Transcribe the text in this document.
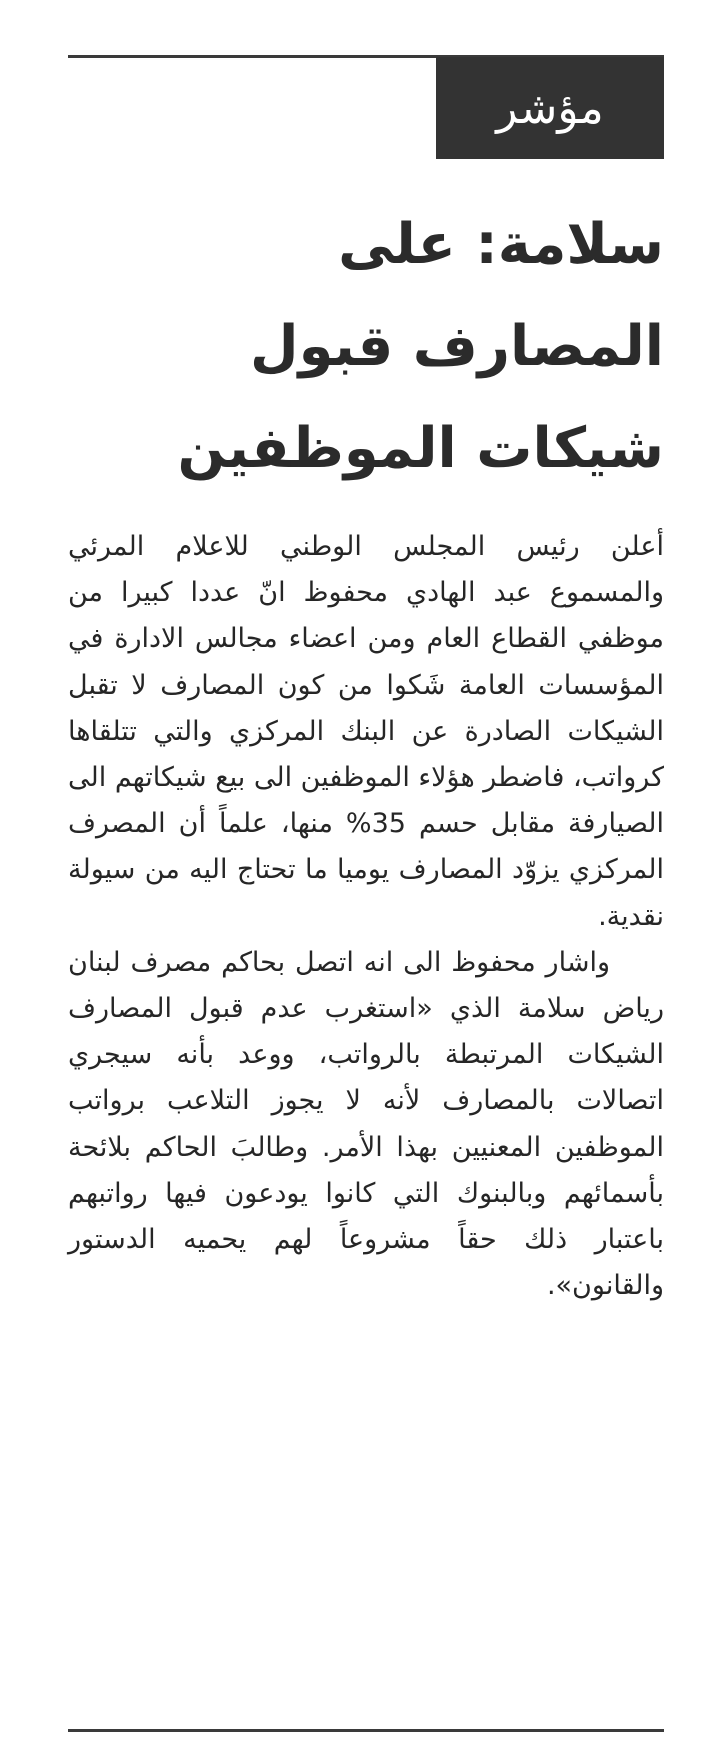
مؤشر
سلامة: على المصارف قبول شيكات الموظفين

أعلن رئيس المجلس الوطني للاعلام المرئي والمسموع عبد الهادي محفوظ انّ عددا كبيرا من موظفي القطاع العام ومن اعضاء مجالس الادارة في المؤسسات العامة شَكوا من كون المصارف لا تقبل الشيكات الصادرة عن البنك المركزي والتي تتلقاها كرواتب، فاضطر هؤلاء الموظفين الى بيع شيكاتهم الى الصيارفة مقابل حسم 35% منها، علماً أن المصرف المركزي يزوّد المصارف يوميا ما تحتاج اليه من سيولة نقدية.

واشار محفوظ الى انه اتصل بحاكم مصرف لبنان رياض سلامة الذي «استغرب عدم قبول المصارف الشيكات المرتبطة بالرواتب، ووعد بأنه سيجري اتصالات بالمصارف لأنه لا يجوز التلاعب برواتب الموظفين المعنيين بهذا الأمر. وطالبَ الحاكم بلائحة بأسمائهم وبالبنوك التي كانوا يودعون فيها رواتبهم باعتبار ذلك حقاً مشروعاً لهم يحميه الدستور والقانون».
